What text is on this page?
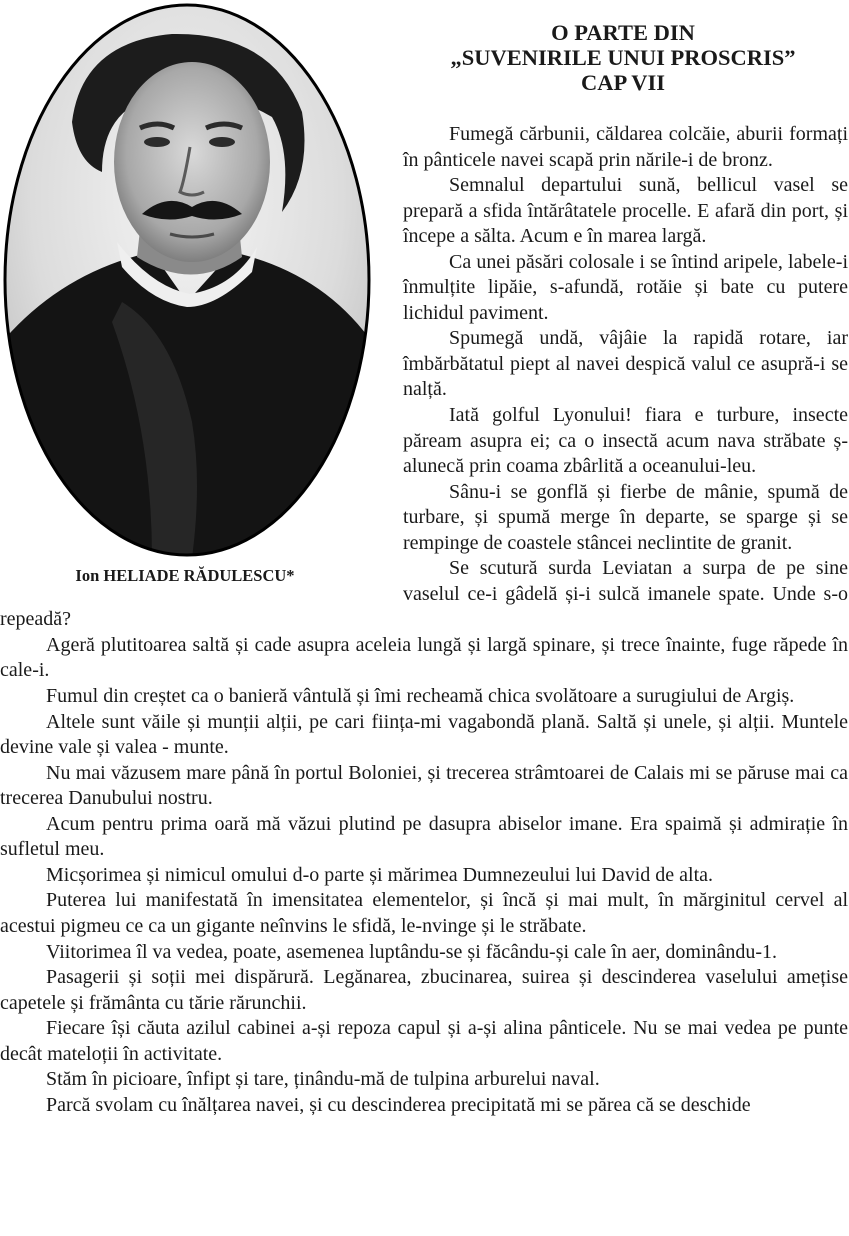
Ion HELIADE RĂDULESCU*
O PARTE DIN
„SUVENIRILE UNUI PROSCRIS”
CAP VII

Fumegă cărbunii, căldarea colcăie, aburii formați în pânticele navei scapă prin nările-i de bronz.

Semnalul departului sună, bellicul vasel se prepară a sfida întărâtatele procelle. E afară din port, și începe a sălta. Acum e în marea largă.

Ca unei păsări colosale i se întind aripele, labele-i înmulțite lipăie, s-afundă, rotăie și bate cu putere lichidul paviment.

Spumegă undă, vâjâie la rapidă rotare, iar îmbărbătatul piept al navei despică valul ce asupră-i se nalță.

Iată golful Lyonului! fiara e turbure, insecte păream asupra ei; ca o insectă acum nava străbate ș-alunecă prin coama zbârlită a oceanului-leu.

Sânu-i se gonflă și fierbe de mânie, spumă de turbare, și spumă merge în departe, se sparge și se rempinge de coastele stâncei neclintite de granit.

Se scutură surda Leviatan a surpa de pe sine vaselul ce-i gâdelă și-i sulcă imanele spate. Unde s-o repeadă?

Ageră plutitoarea saltă și cade asupra aceleia lungă și largă spinare, și trece înainte, fuge răpede în cale-i.

Fumul din creștet ca o banieră vântulă și îmi recheamă chica svolătoare a surugiului de Argiș.

Altele sunt văile și munții alții, pe cari ființa-mi vagabondă plană. Saltă și unele, și alții. Muntele devine vale și valea - munte.

Nu mai văzusem mare până în portul Boloniei, și trecerea strâmtoarei de Calais mi se păruse mai ca trecerea Danubului nostru.

Acum pentru prima oară mă văzui plutind pe dasupra abiselor imane. Era spaimă și admirație în sufletul meu.

Micșorimea și nimicul omului d-o parte și mărimea Dumnezeului lui David de alta.

Puterea lui manifestată în imensitatea elementelor, și încă și mai mult, în mărginitul cervel al acestui pigmeu ce ca un gigante neînvins le sfidă, le-nvinge și le străbate.

Viitorimea îl va vedea, poate, asemenea luptându-se și făcându-și cale în aer, dominându-1.

Pasagerii și soții mei dispărură. Legănarea, zbucinarea, suirea și descinderea vaselului amețise capetele și frământa cu tărie rărunchii.

Fiecare își căuta azilul cabinei a-și repoza capul și a-și alina pânticele. Nu se mai vedea pe punte decât mateloții în activitate.

Stăm în picioare, înfipt și tare, ținându-mă de tulpina arburelui naval.

Parcă svolam cu înălțarea navei, și cu descinderea precipitată mi se părea că se deschide
